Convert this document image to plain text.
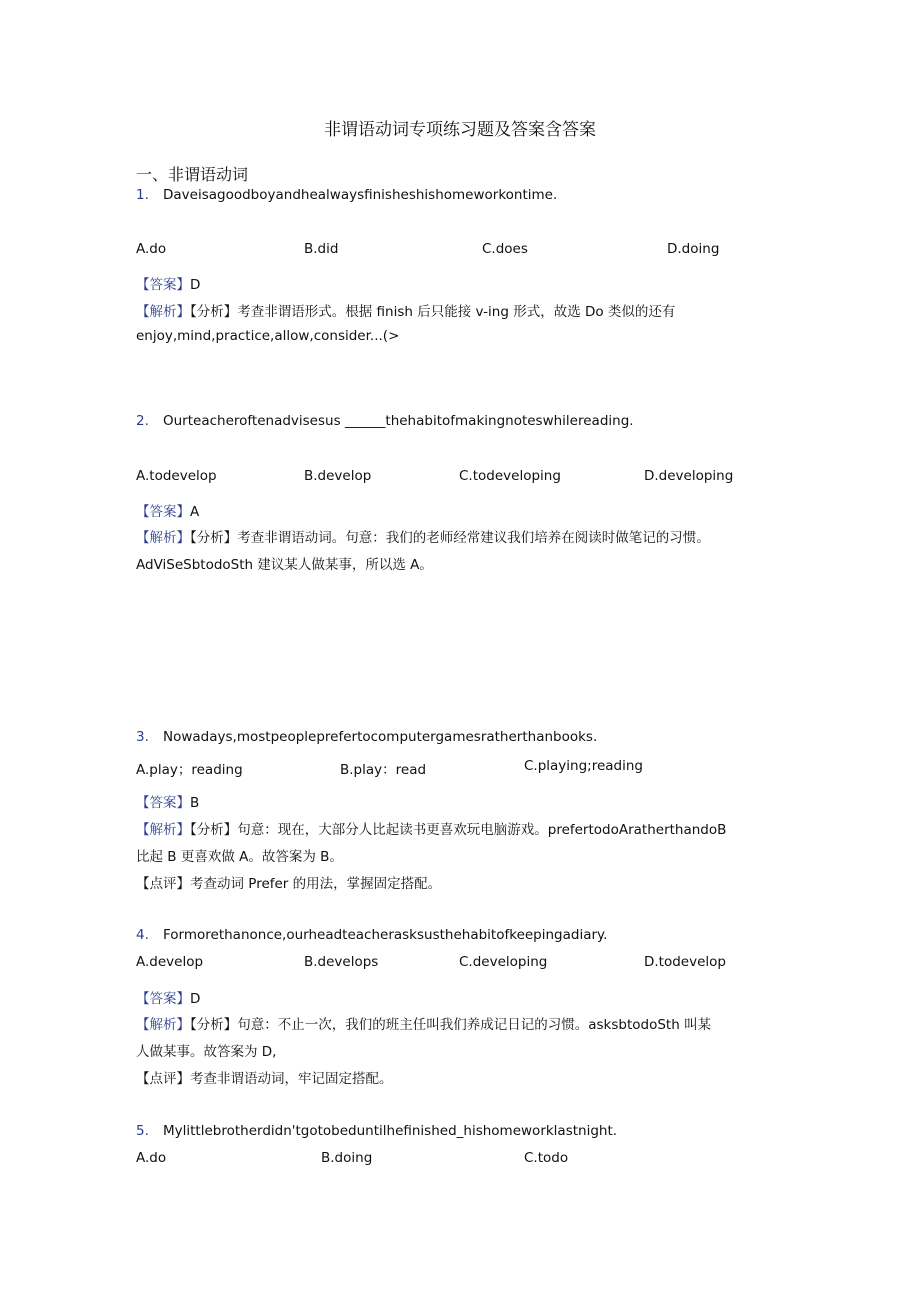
非谓语动词专项练习题及答案含答案
一、非谓语动词
1. Daveisagoodboyandhealwaysfinisheshishomeworkontime.
A.do	B.did	C.does	D.doing
【答案】D
【解析】【分析】考查非谓语形式。根据 finish 后只能接 v-ing 形式，故选 Do 类似的还有
enjoy,mind,practice,allow,consider...(>
2. Ourteacheroftenadvisesus ______thehabitofmakingnoteswhilereading.
A.todevelop	B.develop	C.todeveloping	D.developing
【答案】A
【解析】【分析】考查非谓语动词。句意：我们的老师经常建议我们培养在阅读时做笔记的习惯。
AdViSeSbtodoSth 建议某人做某事，所以选 A。
3. Nowadays,mostpeopleprefertocomputergamesratherthanbooks.
A.play；reading	B.play：read	C.playing;reading
【答案】B
【解析】【分析】句意：现在，大部分人比起读书更喜欢玩电脑游戏。prefertodoAratherthandoB
比起 B 更喜欢做 A。故答案为 B。
【点评】考查动词 Prefer 的用法，掌握固定搭配。
4. Formorethanonce,ourheadteacherasksusthehabitofkeepingadiary.
A.develop	B.develops	C.developing	D.todevelop
【答案】D
【解析】【分析】句意：不止一次，我们的班主任叫我们养成记日记的习惯。asksbtodoSth 叫某
人做某事。故答案为 D,
【点评】考查非谓语动词，牢记固定搭配。
5. Mylittlebrotherdidn'tgotobeduntilhefinished_hishomeworklastnight.
A.do	B.doing	C.todo
